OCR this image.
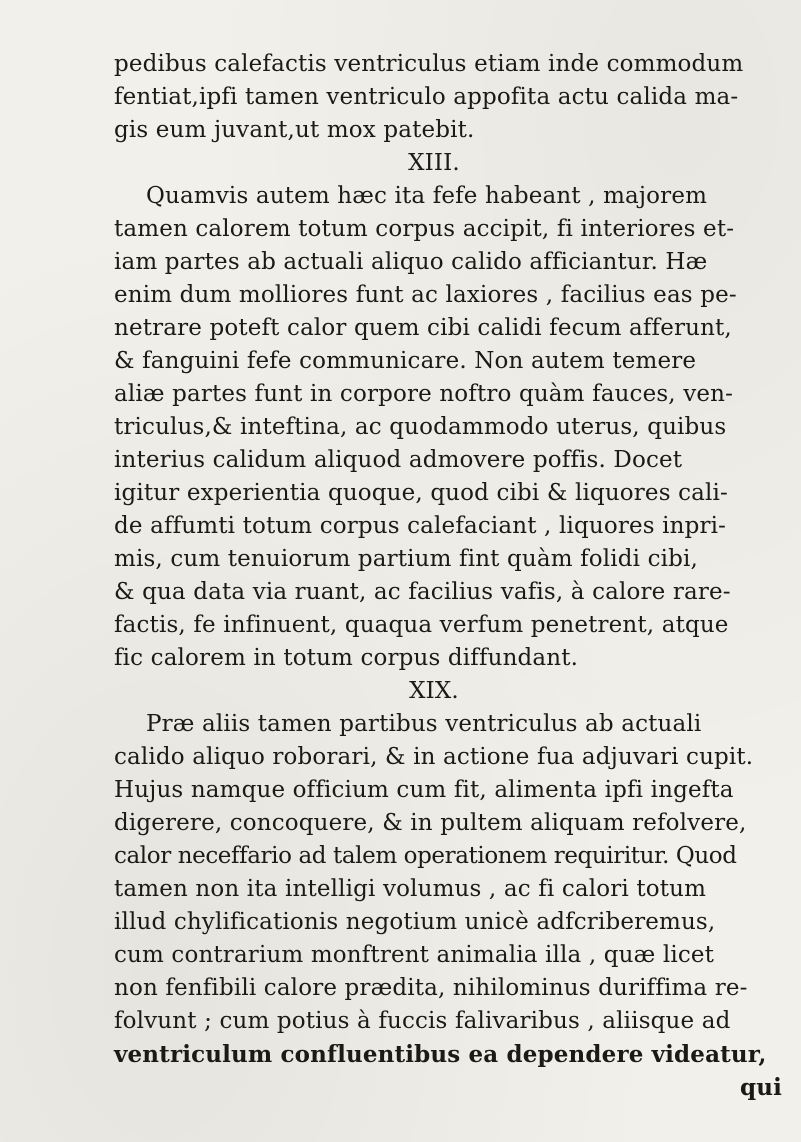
pedibus calefactis ventriculus etiam inde commodum
fentiat,ipfi tamen ventriculo appofita actu calida ma-
gis eum juvant,ut mox patebit.
XIII.
Quamvis autem hæc ita fefe habeant , majorem
tamen calorem totum corpus accipit, fi interiores et-
iam partes ab actuali aliquo calido afficiantur. Hæ
enim dum molliores funt ac laxiores , facilius eas pe-
netrare poteft calor quem cibi calidi fecum afferunt,
& fanguini fefe communicare. Non autem temere
aliæ partes funt in corpore noftro quàm fauces, ven-
triculus,& inteftina, ac quodammodo uterus, quibus
interius calidum aliquod admovere poffis. Docet
igitur experientia quoque, quod cibi & liquores cali-
de affumti totum corpus calefaciant , liquores inpri-
mis, cum tenuiorum partium fint quàm folidi cibi,
& qua data via ruant, ac facilius vafis, à calore rare-
factis, fe infinuent, quaqua verfum penetrent, atque
fic calorem in totum corpus diffundant.
XIX.
Præ aliis tamen partibus ventriculus ab actuali
calido aliquo roborari, & in actione fua adjuvari cupit.
Hujus namque officium cum fit, alimenta ipfi ingefta
digerere, concoquere, & in pultem aliquam refolvere,
calor neceffario ad talem operationem requiritur. Quod
tamen non ita intelligi volumus , ac fi calori totum
illud chylificationis negotium unicè adfcriberemus,
cum contrarium monftrent animalia illa , quæ licet
non fenfibili calore prædita, nihilominus duriffima re-
folvunt ; cum potius à fuccis falivaribus , aliisque ad
ventriculum confluentibus ea dependere videatur,
qui
